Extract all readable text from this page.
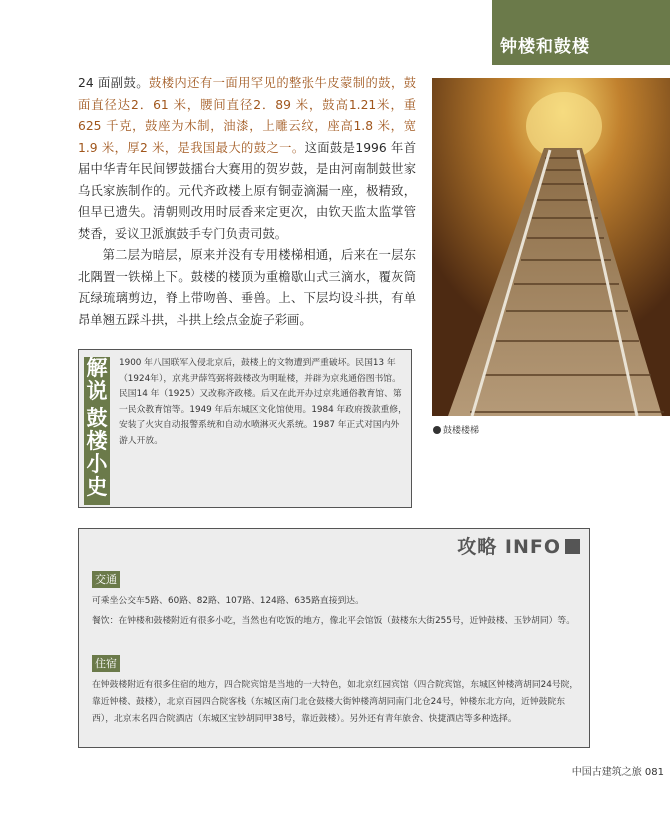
钟楼和鼓楼

24 面副鼓。鼓楼内还有一面用罕见的整张牛皮蒙制的鼓，鼓面直径达2．61 米，腰间直径2．89 米，鼓高1.21米，重625 千克，鼓座为木制，油漆，上雕云纹，座高1.8 米，宽1.9 米，厚2 米，是我国最大的鼓之一。这面鼓是1996 年首届中华青年民间锣鼓擂台大赛用的贺岁鼓，是由河南制鼓世家乌氏家族制作的。元代齐政楼上原有铜壶滴漏一座，极精致，但早已遗失。清朝则改用时辰香来定更次，由钦天监太监掌管焚香，妥议卫派旗鼓手专门负责司鼓。

第二层为暗层，原来并没有专用楼梯相通，后来在一层东北隅置一铁梯上下。鼓楼的楼顶为重檐歇山式三滴水，覆灰筒瓦绿琉璃剪边，脊上带吻兽、垂兽。上、下层均设斗拱，有单昂单翘五踩斗拱，斗拱上绘点金旋子彩画。

鼓楼楼梯
解说
鼓楼小史
1900 年八国联军入侵北京后，鼓楼上的文物遭到严重破坏。民国13 年（1924年），京兆尹薛笃弼将鼓楼改为明耻楼，并辟为京兆通俗图书馆。民国14 年（1925）又改称齐政楼。后又在此开办过京兆通俗教育馆、第一民众教育馆等。1949 年后东城区文化馆使用。1984 年政府拨款重修，安装了火灾自动报警系统和自动水喷淋灭火系统。1987 年正式对国内外游人开放。
攻略 INFO
交通
可乘坐公交车5路、60路、82路、107路、124路、635路直接到达。
餐饮：在钟楼和鼓楼附近有很多小吃，当然也有吃饭的地方，像北平会馆饭（鼓楼东大街255号，近钟鼓楼、玉钞胡同）等。
住宿
在钟鼓楼附近有很多住宿的地方，四合院宾馆是当地的一大特色，如北京红园宾馆（四合院宾馆，东城区钟楼湾胡同24号院，靠近钟楼、鼓楼），北京百园四合院客栈（东城区南门北仓鼓楼大街钟楼湾胡同南门北仓24号，钟楼东北方向，近钟鼓院东西），北京末名四合院酒店（东城区宝钞胡同甲38号，靠近鼓楼）。另外还有青年旅舍、快捷酒店等多种选择。
中国古建筑之旅 081
